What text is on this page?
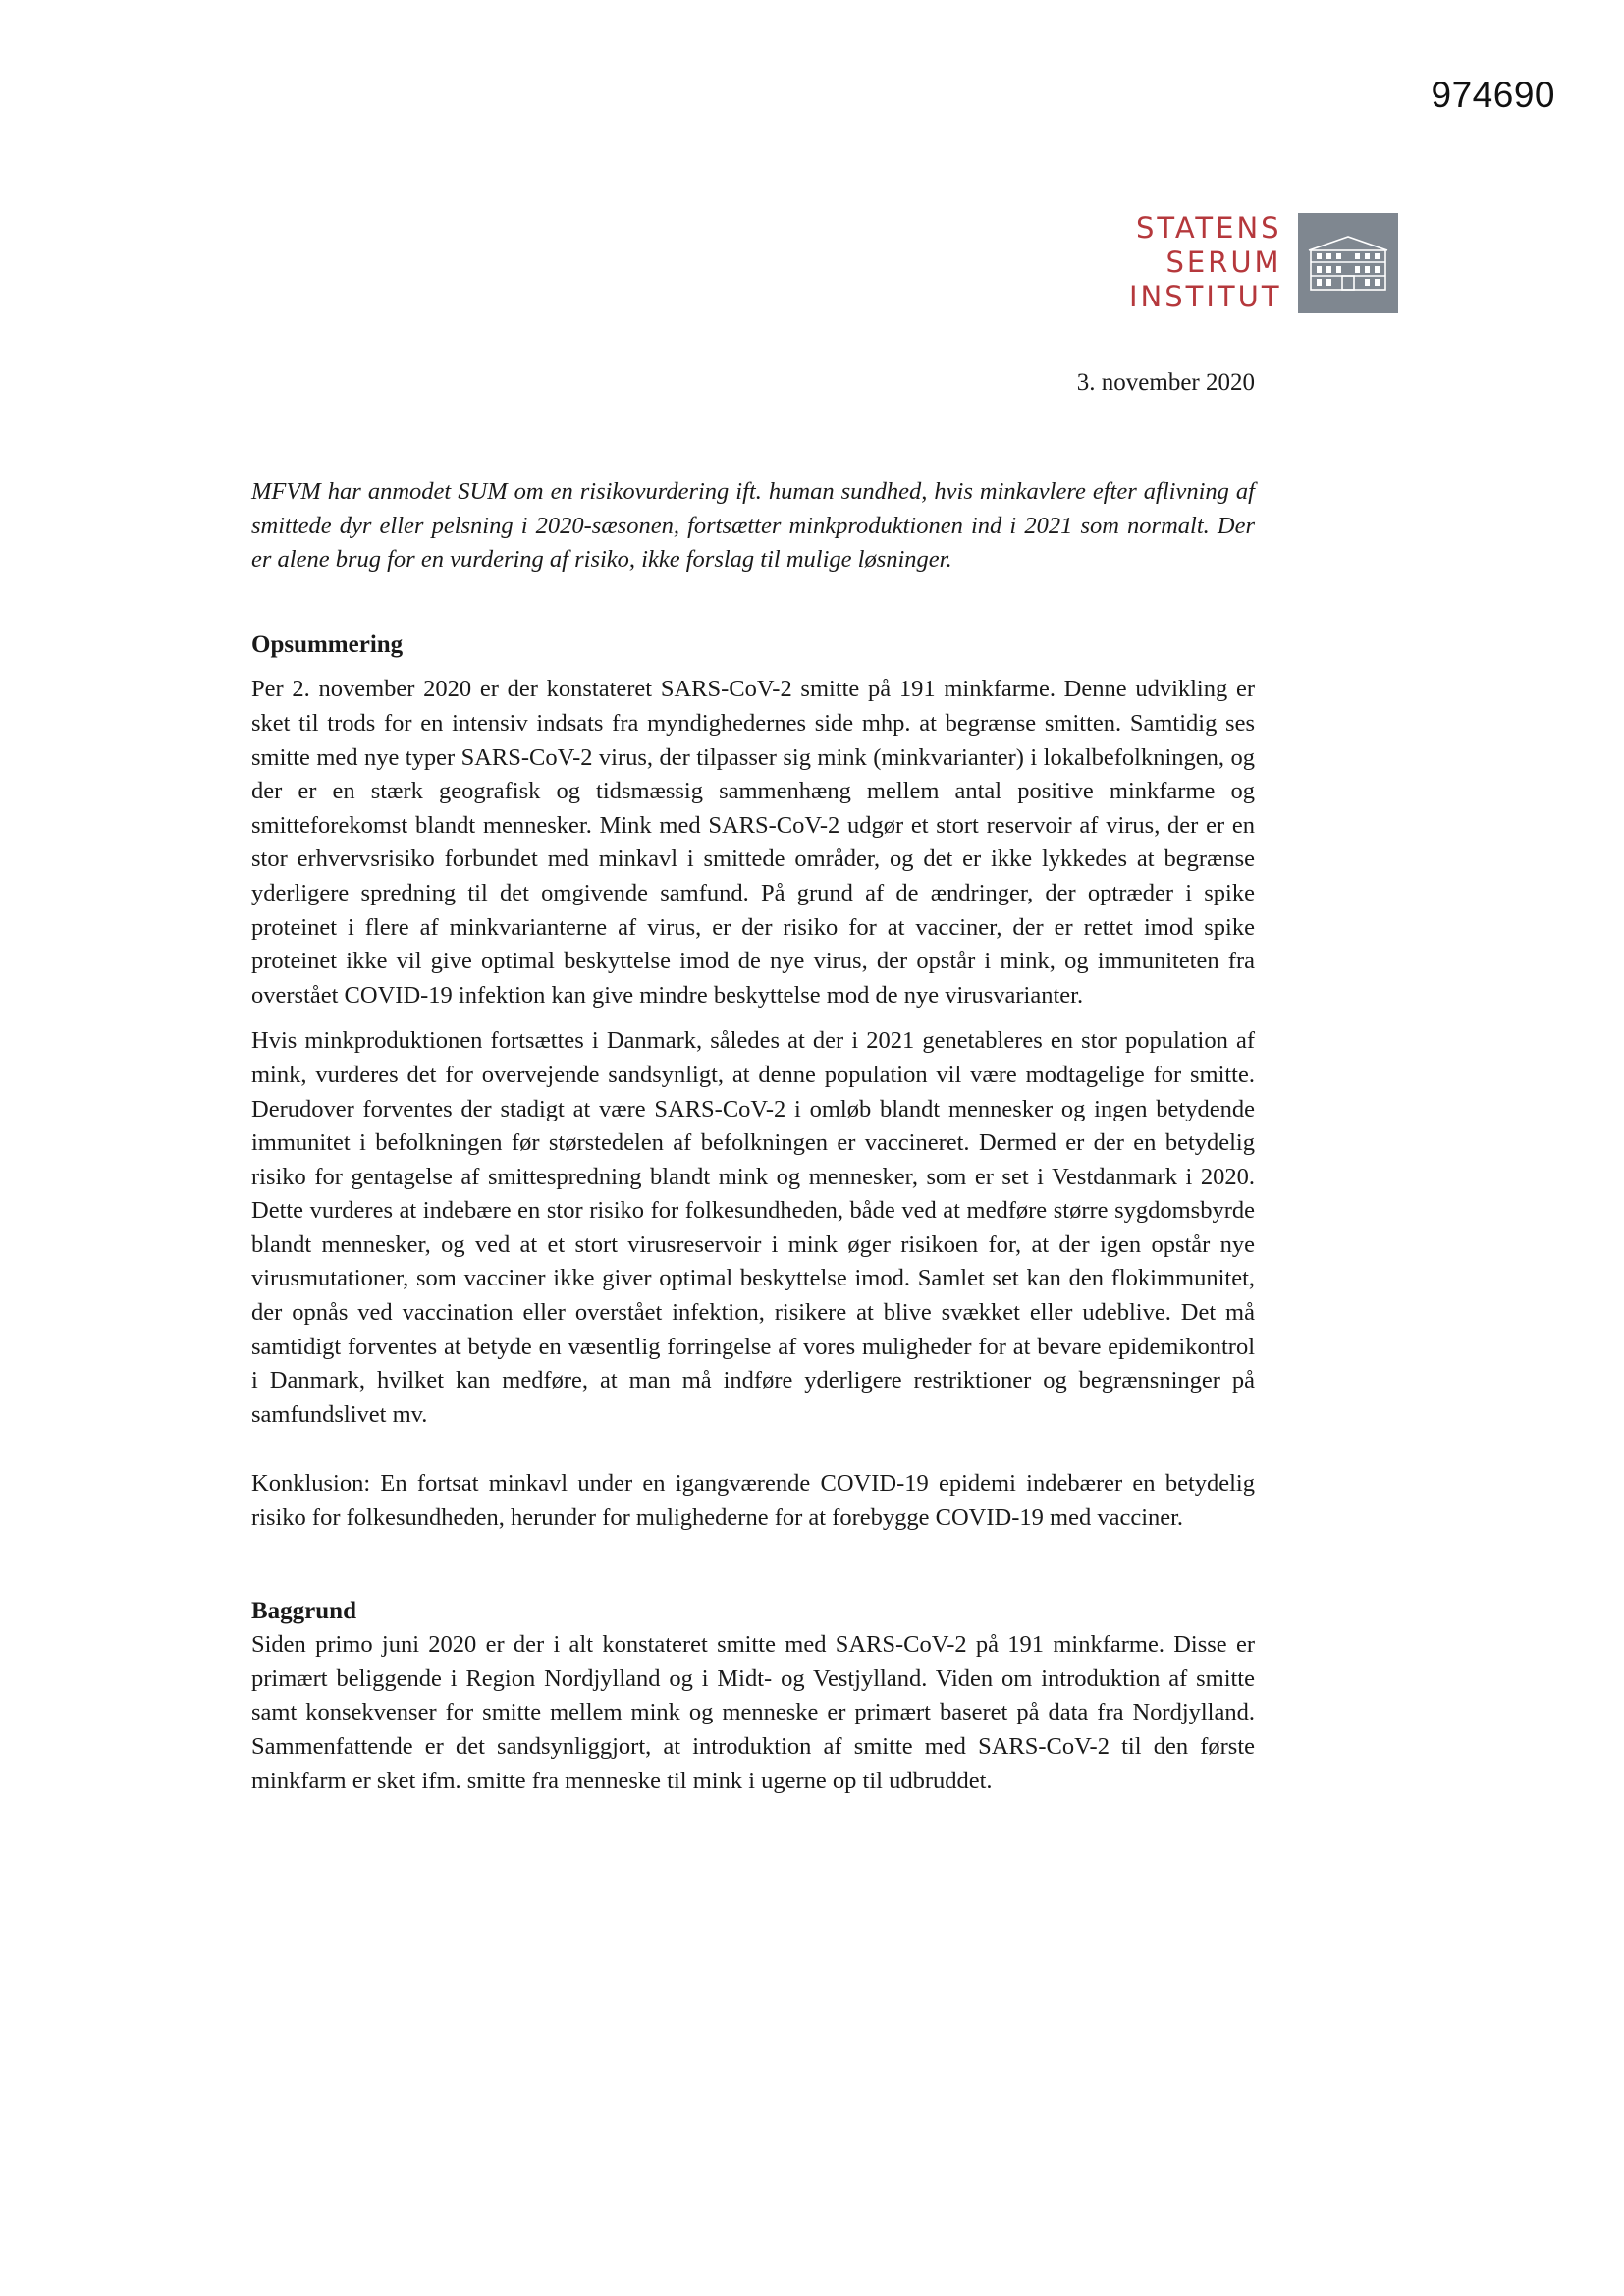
974690
STATENS
SERUM
INSTITUT
3. november 2020

MFVM har anmodet SUM om en risikovurdering ift. human sundhed, hvis minkavlere efter aflivning af smittede dyr eller pelsning i 2020-sæsonen, fortsætter minkproduktionen ind i 2021 som normalt. Der er alene brug for en vurdering af risiko, ikke forslag til mulige løsninger.

Opsummering

Per 2. november 2020 er der konstateret SARS-CoV-2 smitte på 191 minkfarme. Denne udvikling er sket til trods for en intensiv indsats fra myndighedernes side mhp. at begrænse smitten. Samtidig ses smitte med nye typer SARS-CoV-2 virus, der tilpasser sig mink (minkvarianter) i lokalbefolkningen, og der er en stærk geografisk og tidsmæssig sammenhæng mellem antal positive minkfarme og smitteforekomst blandt mennesker. Mink med SARS-CoV-2 udgør et stort reservoir af virus, der er en stor erhvervsrisiko forbundet med minkavl i smittede områder, og det er ikke lykkedes at begrænse yderligere spredning til det omgivende samfund. På grund af de ændringer, der optræder i spike proteinet i flere af minkvarianterne af virus, er der risiko for at vacciner, der er rettet imod spike proteinet ikke vil give optimal beskyttelse imod de nye virus, der opstår i mink, og immuniteten fra overstået COVID-19 infektion kan give mindre beskyttelse mod de nye virusvarianter.

Hvis minkproduktionen fortsættes i Danmark, således at der i 2021 genetableres en stor population af mink, vurderes det for overvejende sandsynligt, at denne population vil være modtagelige for smitte. Derudover forventes der stadigt at være SARS-CoV-2 i omløb blandt mennesker og ingen betydende immunitet i befolkningen før størstedelen af befolkningen er vaccineret. Dermed er der en betydelig risiko for gentagelse af smittespredning blandt mink og mennesker, som er set i Vestdanmark i 2020. Dette vurderes at indebære en stor risiko for folkesundheden, både ved at medføre større sygdomsbyrde blandt mennesker, og ved at et stort virusreservoir i mink øger risikoen for, at der igen opstår nye virusmutationer, som vacciner ikke giver optimal beskyttelse imod. Samlet set kan den flokimmunitet, der opnås ved vaccination eller overstået infektion, risikere at blive svækket eller udeblive. Det må samtidigt forventes at betyde en væsentlig forringelse af vores muligheder for at bevare epidemikontrol i Danmark, hvilket kan medføre, at man må indføre yderligere restriktioner og begrænsninger på samfundslivet mv.

Konklusion: En fortsat minkavl under en igangværende COVID-19 epidemi indebærer en betydelig risiko for folkesundheden, herunder for mulighederne for at forebygge COVID-19 med vacciner.

Baggrund

Siden primo juni 2020 er der i alt konstateret smitte med SARS-CoV-2 på 191 minkfarme. Disse er primært beliggende i Region Nordjylland og i Midt- og Vestjylland. Viden om introduktion af smitte samt konsekvenser for smitte mellem mink og menneske er primært baseret på data fra Nordjylland. Sammenfattende er det sandsynliggjort, at introduktion af smitte med SARS-CoV-2 til den første minkfarm er sket ifm. smitte fra menneske til mink i ugerne op til udbruddet.
